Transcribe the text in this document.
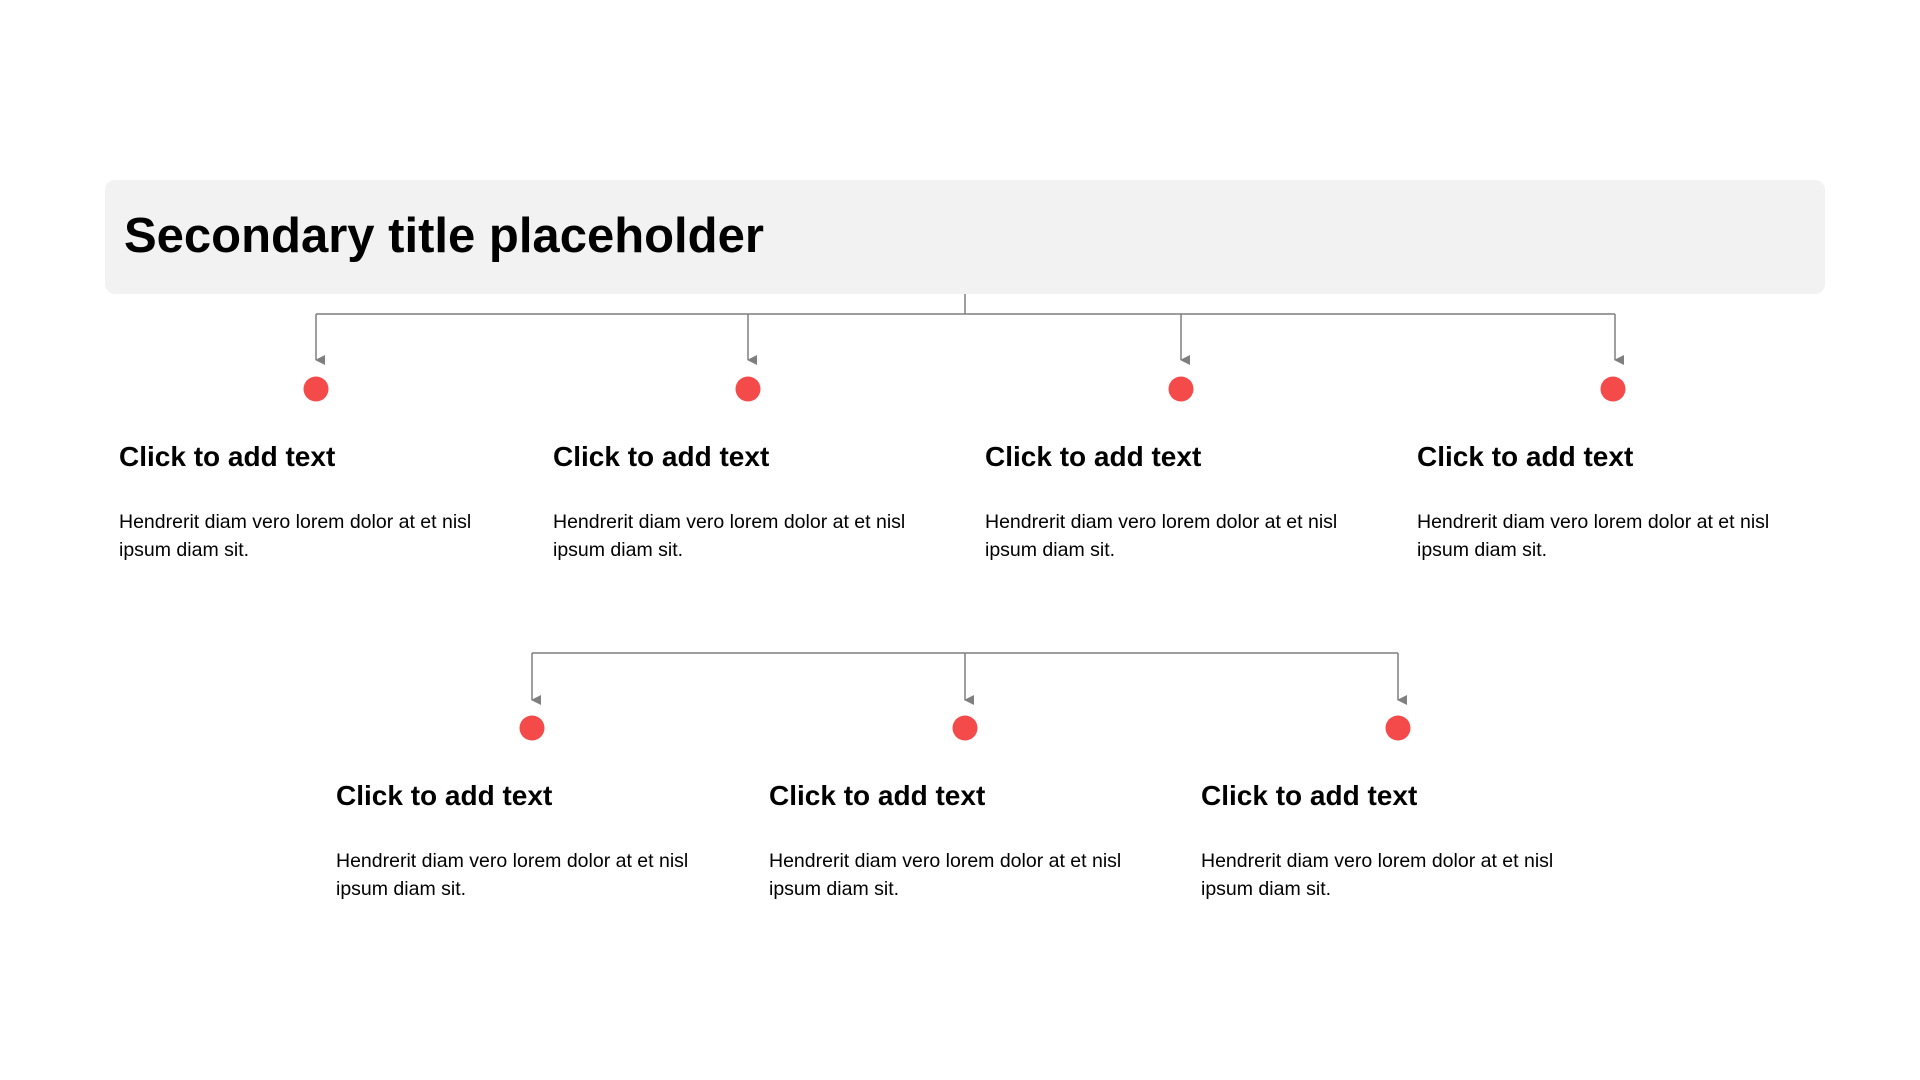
Secondary title placeholder
Click to add text

Hendrerit diam vero lorem dolor at et nisl ipsum diam sit.

Click to add text

Hendrerit diam vero lorem dolor at et nisl ipsum diam sit.

Click to add text

Hendrerit diam vero lorem dolor at et nisl ipsum diam sit.

Click to add text

Hendrerit diam vero lorem dolor at et nisl ipsum diam sit.

Click to add text

Hendrerit diam vero lorem dolor at et nisl ipsum diam sit.

Click to add text

Hendrerit diam vero lorem dolor at et nisl ipsum diam sit.

Click to add text

Hendrerit diam vero lorem dolor at et nisl ipsum diam sit.
